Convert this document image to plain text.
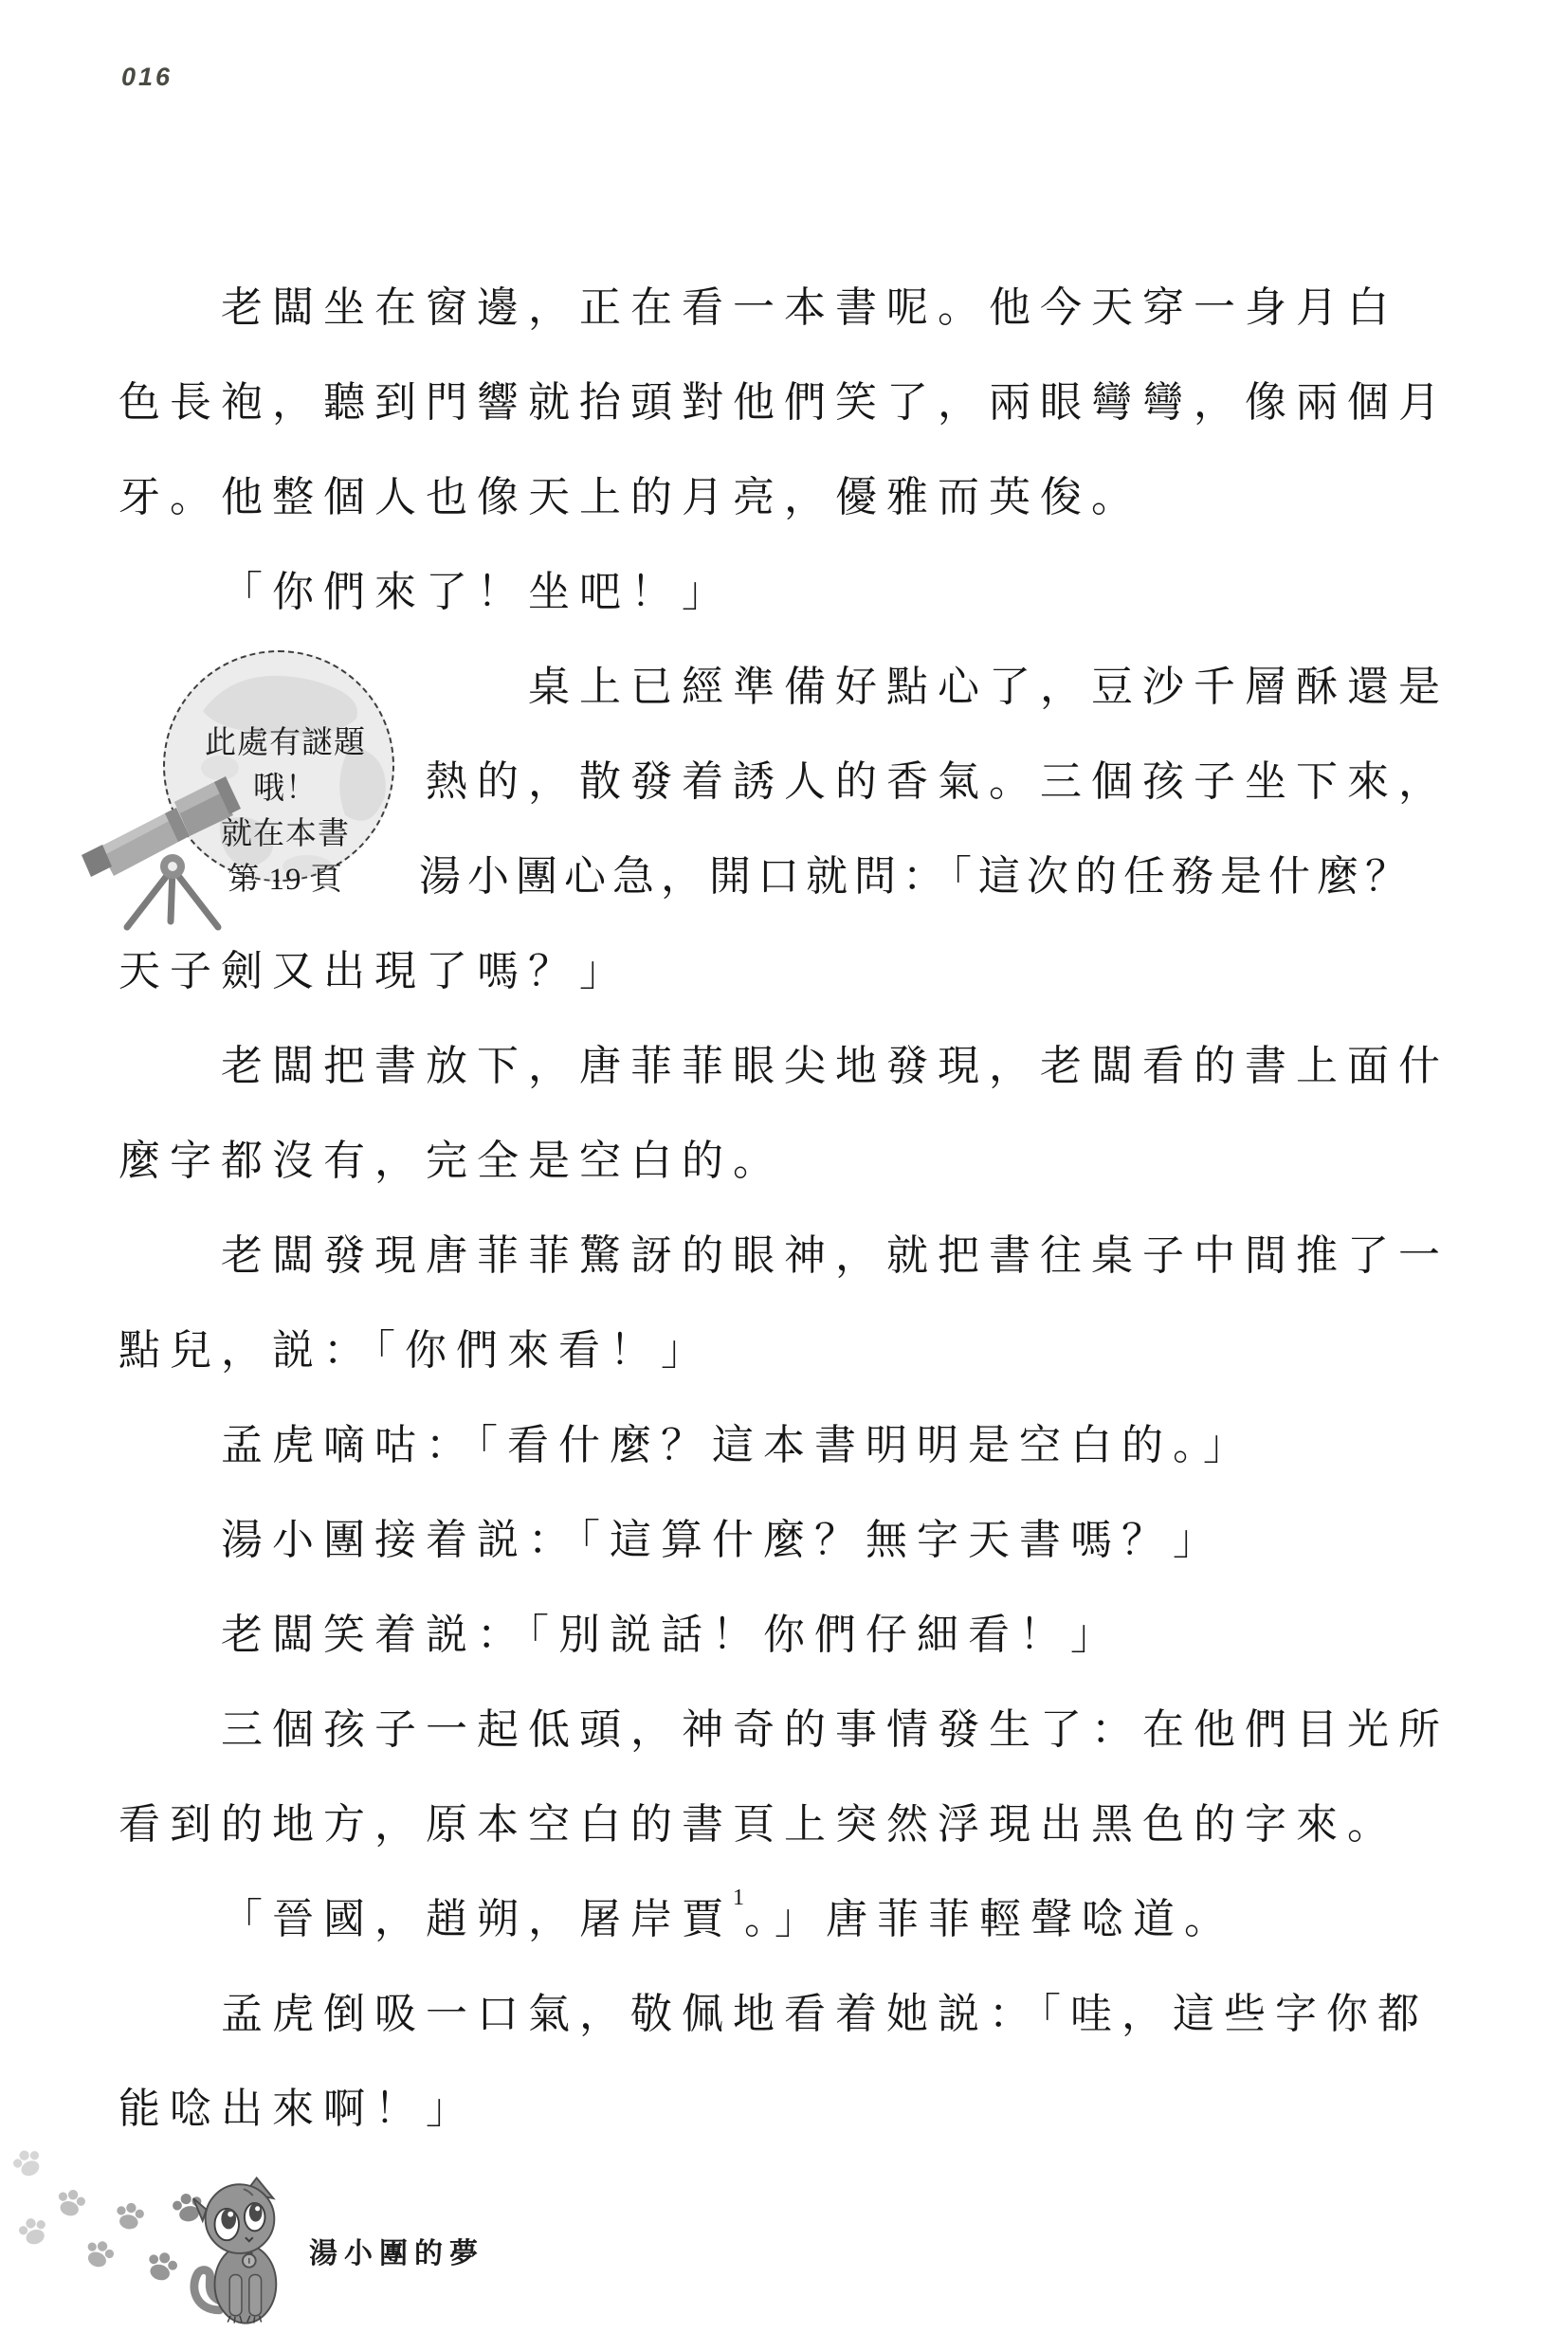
016
老闆坐在窗邊，正在看一本書呢。他今天穿一身月白
色長袍，聽到門響就抬頭對他們笑了，兩眼彎彎，像兩個月
牙。他整個人也像天上的月亮，優雅而英俊。
「你們來了！坐吧！」
桌上已經準備好點心了，豆沙千層酥還是
熱的，散發着誘人的香氣。三個孩子坐下來，
湯小團心急，開口就問：「這次的任務是什麼？
天子劍又出現了嗎？」
老闆把書放下，唐菲菲眼尖地發現，老闆看的書上面什
麼字都沒有，完全是空白的。
老闆發現唐菲菲驚訝的眼神，就把書往桌子中間推了一
點兒，説：「你們來看！」
孟虎嘀咕：「看什麼？這本書明明是空白的。」
湯小團接着説：「這算什麼？無字天書嗎？」
老闆笑着説：「別説話！你們仔細看！」
三個孩子一起低頭，神奇的事情發生了：在他們目光所
看到的地方，原本空白的書頁上突然浮現出黑色的字來。
「晉國，趙朔，屠岸賈$^1$。」唐菲菲輕聲唸道。
孟虎倒吸一口氣，敬佩地看着她説：「哇，這些字你都
能唸出來啊！」
此處有謎題哦！
就在本書
第 19 頁
湯小團的夢
